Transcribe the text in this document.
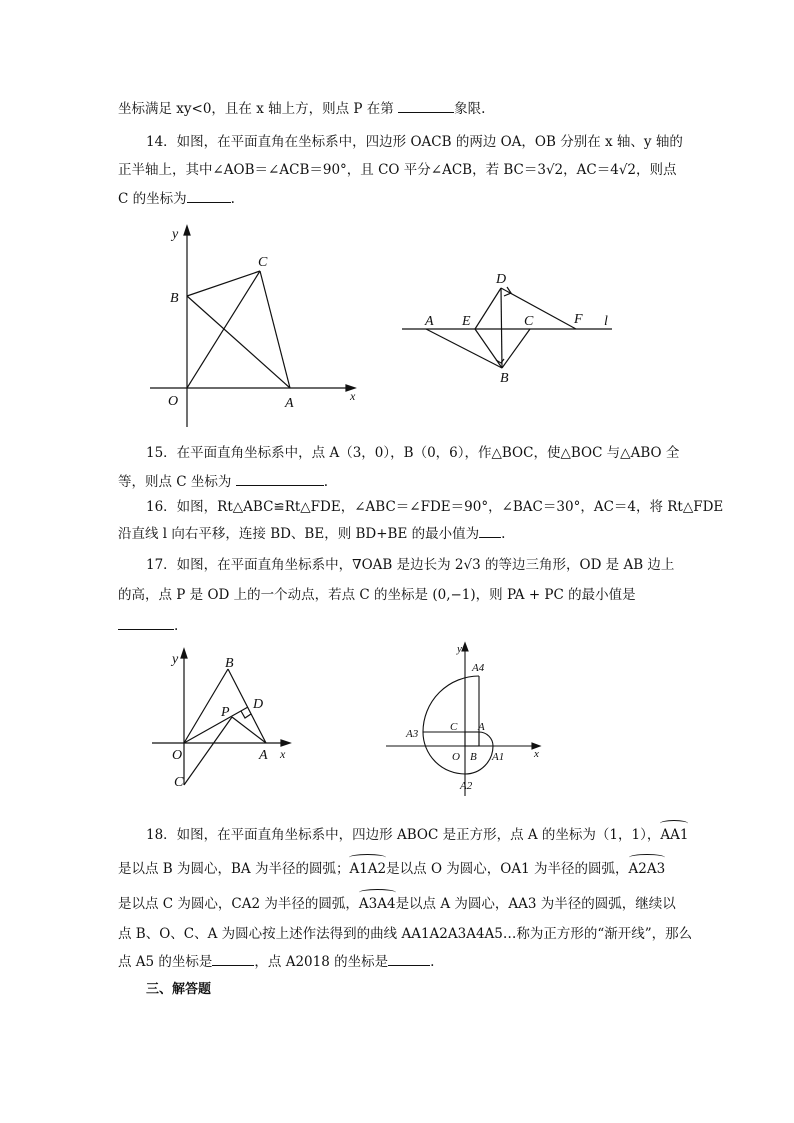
坐标满足 xy<0，且在 x 轴上方，则点 P 在第	象限.
14．如图，在平面直角在坐标系中，四边形 OACB 的两边 OA，OB 分别在 x 轴、y 轴的
正半轴上，其中∠AOB＝∠ACB＝90°，且 CO 平分∠ACB，若 BC＝3√2，AC＝4√2，则点
C 的坐标为	.
y
x
O	A
B
C
D
A E	C	F l
B
15．在平面直角坐标系中，点 A（3，0），B（0，6），作△BOC，使△BOC 与△ABO 全
等，则点 C 坐标为	.
16．如图，Rt△ABC≌Rt△FDE，∠ABC＝∠FDE＝90°，∠BAC＝30°，AC＝4，将 Rt△FDE
沿直线 l 向右平移，连接 BD、BE，则 BD+BE 的最小值为 .
17．如图，在平面直角坐标系中，∇OAB 是边长为 2√3 的等边三角形，OD 是 AB 边上
的高，点 P 是 OD 上的一个动点，若点 C 的坐标是 (0,−1)，则 PA + PC 的最小值是
.
y
x
O	A
B
C
D
P
y
x
O
A
B
C
A1
A2
A3
A4
18．如图，在平面直角坐标系中，四边形 ABOC 是正方形，点 A 的坐标为（1，1），AA1
是以点 B 为圆心，BA 为半径的圆弧；A1A2是以点 O 为圆心，OA1 为半径的圆弧，A2A3
是以点 C 为圆心，CA2 为半径的圆弧，A3A4是以点 A 为圆心，AA3 为半径的圆弧，继续以
点 B、O、C、A 为圆心按上述作法得到的曲线 AA1A2A3A4A5…称为正方形的“渐开线”，那么
点 A5 的坐标是	，点 A2018 的坐标是	.
三、解答题
